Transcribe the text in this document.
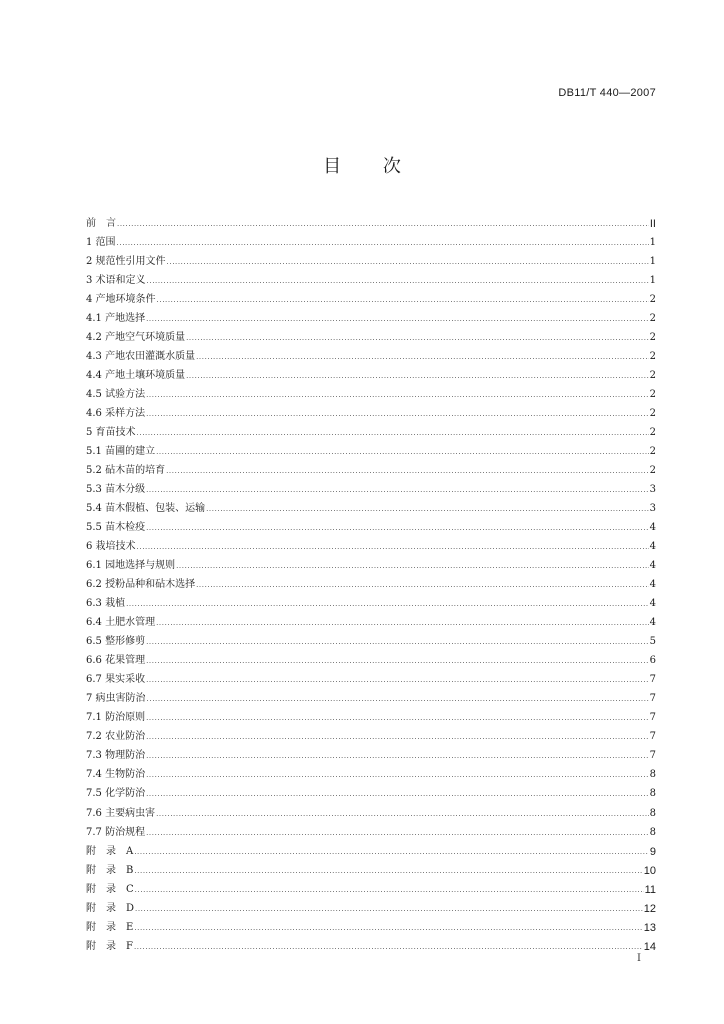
DB11/T 440—2007
目 次
前　言 .....	II
1 范围 .....	1
2 规范性引用文件 .....	1
3 术语和定义 .....	1
4 产地环境条件 .....	2
4.1 产地选择 .....	2
4.2 产地空气环境质量 .....	2
4.3 产地农田灌溉水质量 .....	2
4.4 产地土壤环境质量 .....	2
4.5 试验方法 .....	2
4.6 采样方法 .....	2
5 育苗技术 .....	2
5.1 苗圃的建立 .....	2
5.2 砧木苗的培育 .....	2
5.3 苗木分级 .....	3
5.4 苗木假植、包装、运输 .....	3
5.5 苗木检疫 .....	4
6 栽培技术 .....	4
6.1 园地选择与规则 .....	4
6.2 授粉品种和砧木选择 .....	4
6.3 栽植 .....	4
6.4 土肥水管理 .....	4
6.5 整形修剪 .....	5
6.6 花果管理 .....	6
6.7 果实采收 .....	7
7 病虫害防治 .....	7
7.1 防治原则 .....	7
7.2 农业防治 .....	7
7.3 物理防治 .....	7
7.4 生物防治 .....	8
7.5 化学防治 .....	8
7.6 主要病虫害 .....	8
7.7 防治规程 .....	8
附　录　A .....	9
附　录　B .....	10
附　录　C .....	11
附　录　D .....	12
附　录　E .....	13
附　录　F .....	14
I
